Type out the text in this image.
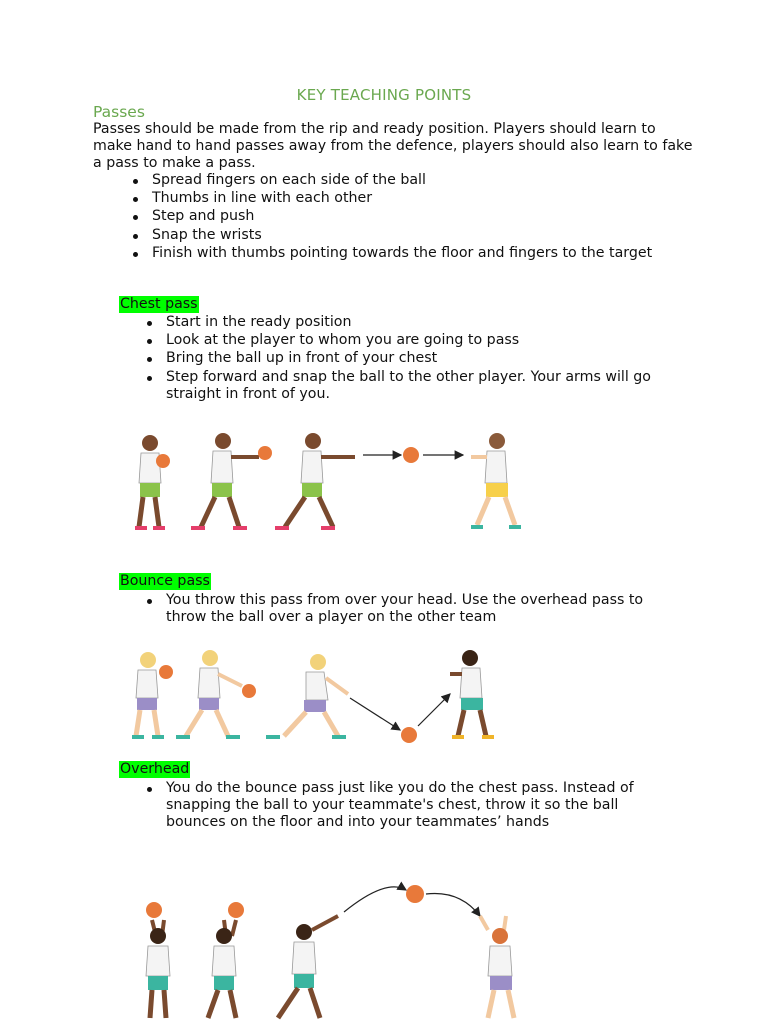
KEY TEACHING POINTS
Passes
Passes should be made from the rip and ready position. Players should learn to make hand to hand passes away from the defence, players should also learn to fake a pass to make a pass.
Spread fingers on each side of the ball
Thumbs in line with each other
Step and push
Snap the wrists
Finish with thumbs pointing towards the floor and fingers to the target
Chest pass
Start in the ready position
Look at the player to whom you are going to pass
Bring the ball up in front of your chest
Step forward and snap the ball to the other player. Your arms will go straight in front of you.
Bounce pass
You throw this pass from over your head. Use the overhead pass to throw the ball over a player on the other team
Overhead
You do the bounce pass just like you do the chest pass. Instead of snapping the ball to your teammate's chest, throw it so the ball bounces on the floor and into your teammates’ hands
